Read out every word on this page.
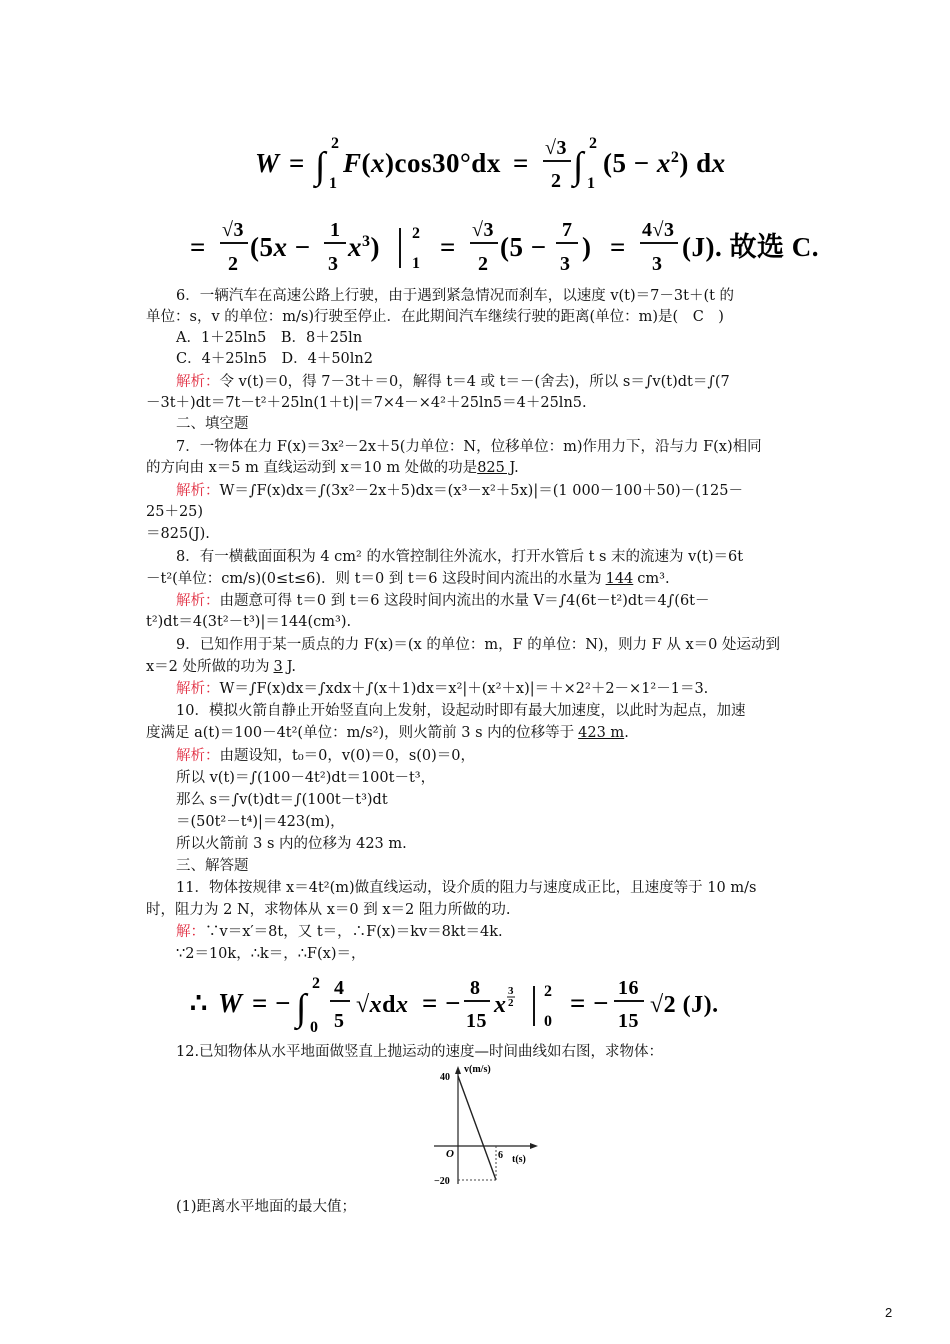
W = ∫
2
1
F(x)cos30°dx = √3
2 ∫
2
1
$(5 - x^2)$ dx
=
√3
2
(5x −
1
3
$x^3$) 2
1
=
√3
2
(5 −
7
3
) =
4√3
3
(J). 故选 C.
6．一辆汽车在高速公路上行驶，由于遇到紧急情况而刹车，以速度 v(t)＝7－3t＋(t 的
单位：s，v 的单位：m/s)行驶至停止．在此期间汽车继续行驶的距离(单位：m)是(　C　)
A．1＋25ln5　B．8＋25ln
C．4＋25ln5　D．4＋50ln2
解析：令 v(t)＝0，得 7－3t＋＝0，解得 t＝4 或 t＝－(舍去)，所以 s＝∫v(t)dt＝∫(7
－3t＋)dt＝7t－t²＋25ln(1＋t)|＝7×4－×4²＋25ln5＝4＋25ln5.
二、填空题
7．一物体在力 F(x)＝3x²－2x＋5(力单位：N，位移单位：m)作用力下，沿与力 F(x)相同
的方向由 x＝5 m 直线运动到 x＝10 m 处做的功是825 J.
解析：W＝∫F(x)dx＝∫(3x²－2x＋5)dx＝(x³－x²＋5x)|＝(1 000－100＋50)－(125－
25＋25)
＝825(J).
8．有一横截面面积为 4 cm² 的水管控制往外流水，打开水管后 t s 末的流速为 v(t)＝6t
－t²(单位：cm/s)(0≤t≤6)．则 t＝0 到 t＝6 这段时间内流出的水量为 144 cm³.
解析：由题意可得 t＝0 到 t＝6 这段时间内流出的水量 V＝∫4(6t－t²)dt＝4∫(6t－
t²)dt＝4(3t²－t³)|＝144(cm³).
9．已知作用于某一质点的力 F(x)＝(x 的单位：m，F 的单位：N)，则力 F 从 x＝0 处运动到
x＝2 处所做的功为 3 J.
解析：W＝∫F(x)dx＝∫xdx＋∫(x＋1)dx＝x²|＋(x²＋x)|＝＋×2²＋2－×1²－1＝3.
10．模拟火箭自静止开始竖直向上发射，设起动时即有最大加速度，以此时为起点，加速
度满足 a(t)＝100－4t²(单位：m/s²)，则火箭前 3 s 内的位移等于 423 m.
解析：由题设知，t₀＝0，v(0)＝0，s(0)＝0，
所以 v(t)＝∫(100－4t²)dt＝100t－t³，
那么 s＝∫v(t)dt＝∫(100t－t³)dt
＝(50t²－t⁴)|＝423(m)，
所以火箭前 3 s 内的位移为 423 m.
三、解答题
11．物体按规律 x＝4t²(m)做直线运动，设介质的阻力与速度成正比，且速度等于 10 m/s
时，阻力为 2 N，求物体从 x＝0 到 x＝2 阻力所做的功.
解：∵v＝x′＝8t，又 t＝，∴F(x)＝kv＝8kt＝4k.
∵2＝10k，∴k＝，∴F(x)＝，
∴ W = − ∫
2
0
4
5
√xdx = − 8
15
x
3
2
2
0
= − 16
15
√2 (J).
12.已知物体从水平地面做竖直上抛运动的速度—时间曲线如右图，求物体：
v(m/s)
t(s)
O
40
−20
6
(1)距离水平地面的最大值；
2
